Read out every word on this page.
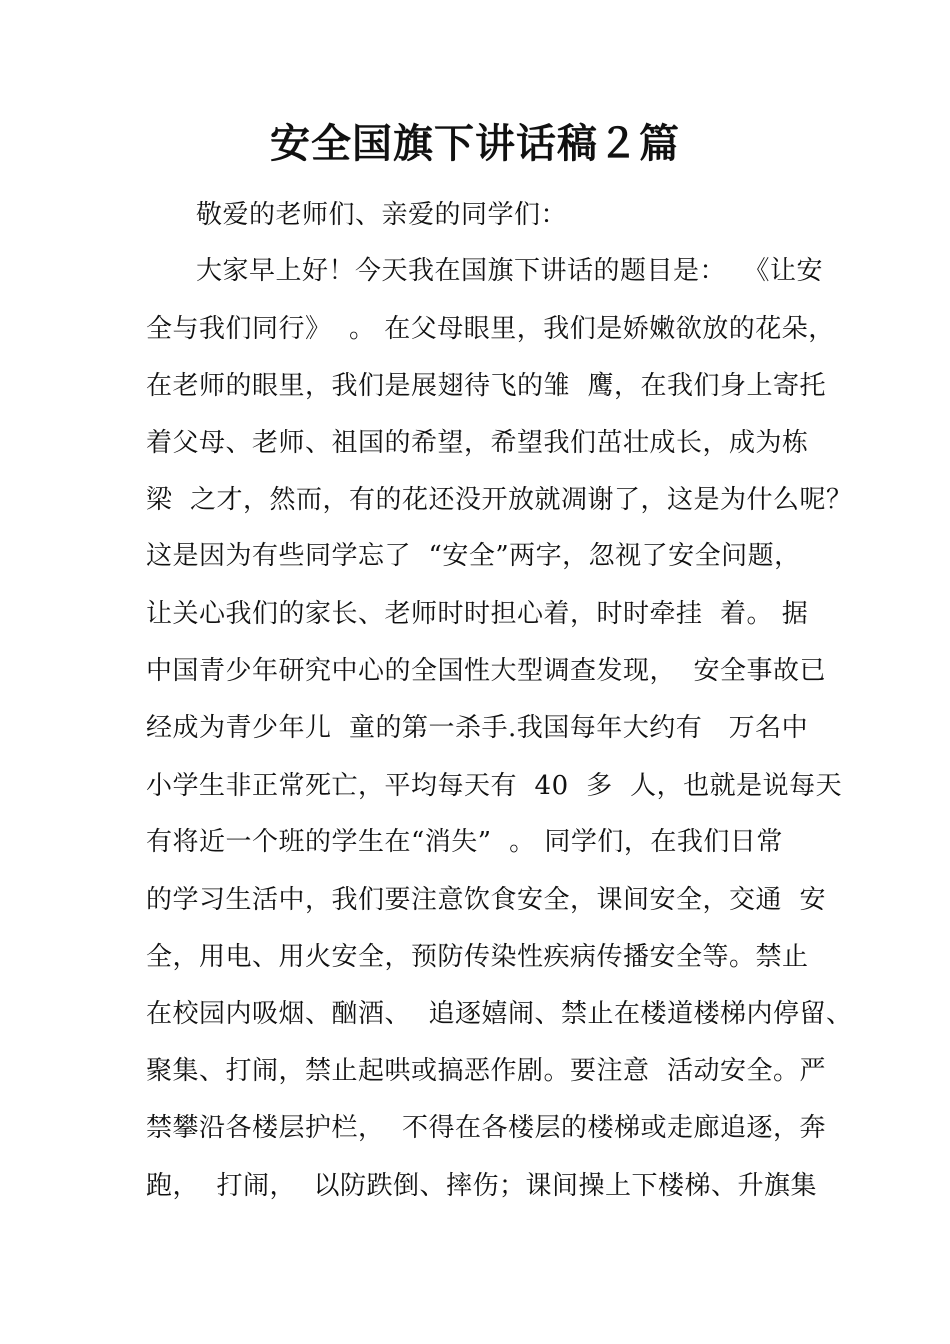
安全国旗下讲话稿２篇
敬爱的老师们、亲爱的同学们：
大家早上好！今天我在国旗下讲话的题目是：  《让安
全与我们同行》  。 在父母眼里，我们是娇嫩欲放的花朵，
在老师的眼里，我们是展翅待飞的雏  鹰，在我们身上寄托
着父母、老师、祖国的希望，希望我们茁壮成长，成为栋
梁  之才，然而，有的花还没开放就凋谢了，这是为什么呢？
这是因为有些同学忘了  “安全”两字，忽视了安全问题，
让关心我们的家长、老师时时担心着，时时牵挂  着。 据
中国青少年研究中心的全国性大型调查发现，  安全事故已
经成为青少年儿  童的第一杀手.我国每年大约有   万名中
小学生非正常死亡，平均每天有  40  多  人，也就是说每天
有将近一个班的学生在“消失”  。 同学们，在我们日常
的学习生活中，我们要注意饮食安全，课间安全，交通  安
全，用电、用火安全，预防传染性疾病传播安全等。禁止
在校园内吸烟、酗酒、  追逐嬉闹、禁止在楼道楼梯内停留、
聚集、打闹，禁止起哄或搞恶作剧。要注意  活动安全。严
禁攀沿各楼层护栏，  不得在各楼层的楼梯或走廊追逐，奔
跑，  打闹，  以防跌倒、摔伤；课间操上下楼梯、升旗集
